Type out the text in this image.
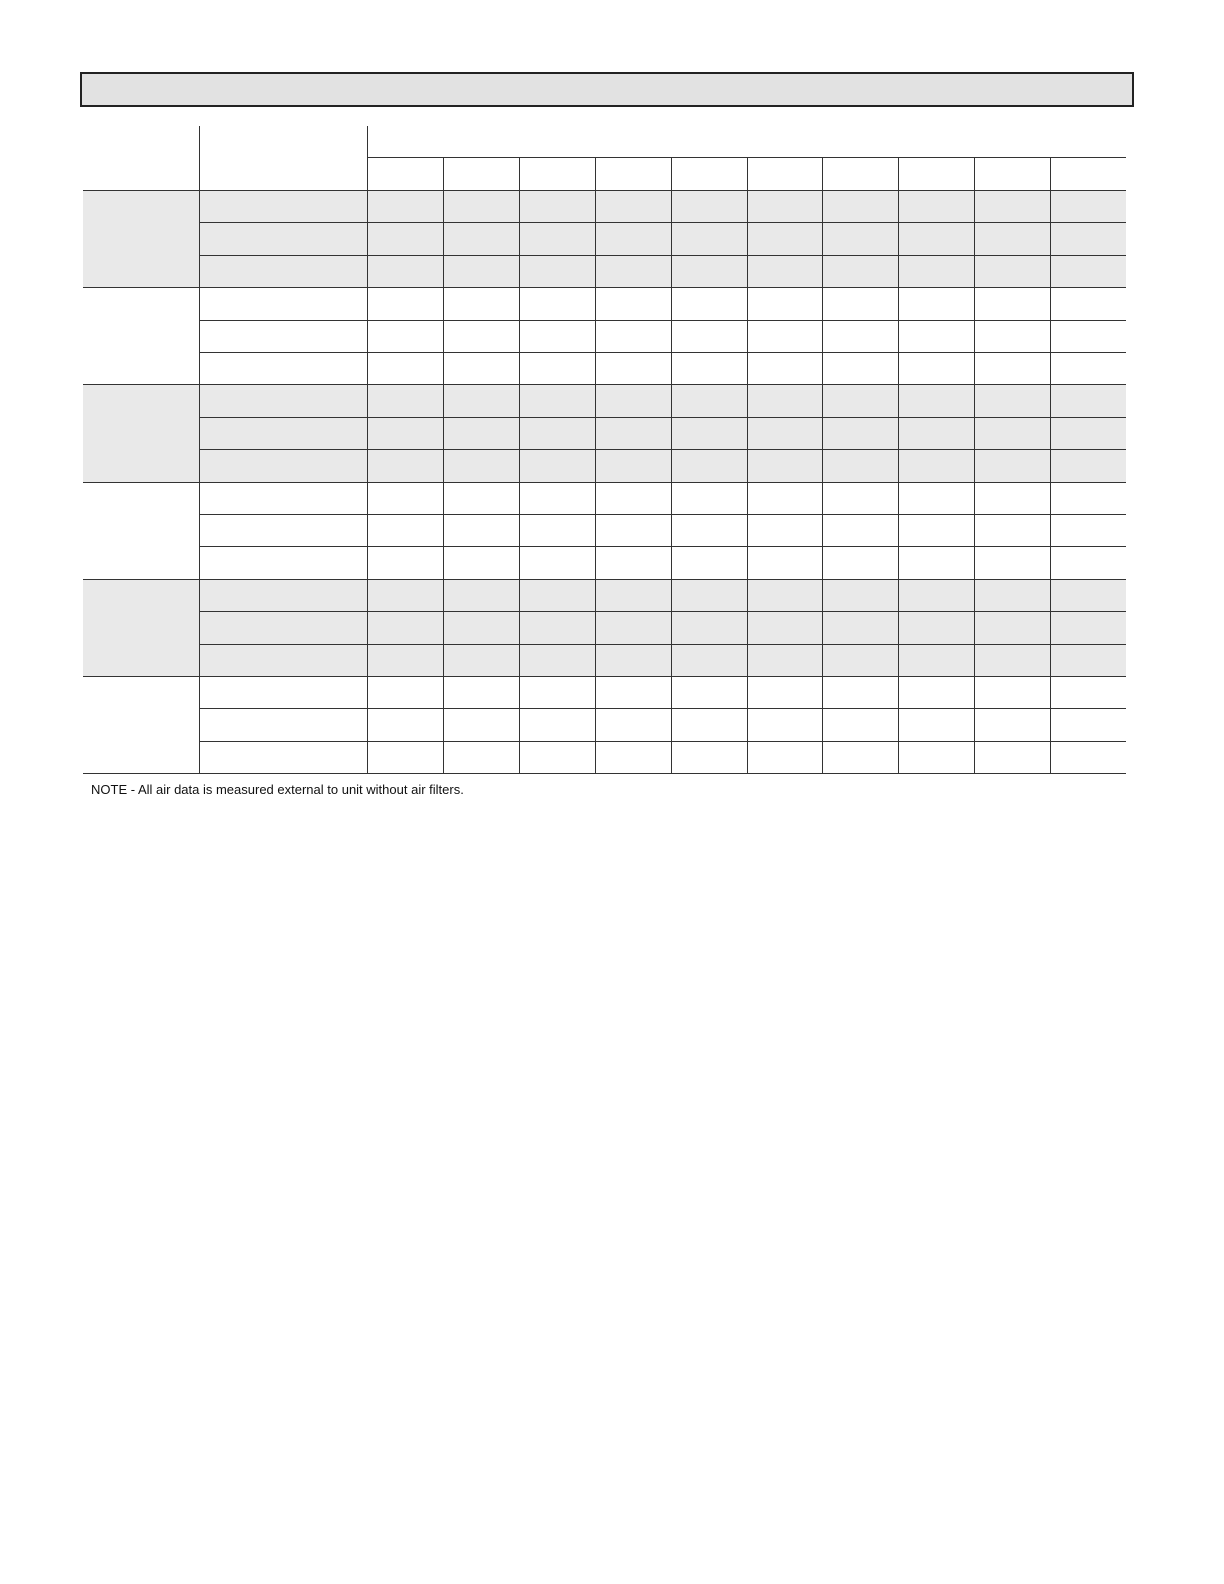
NOTE - All air data is measured external to unit without air filters.
